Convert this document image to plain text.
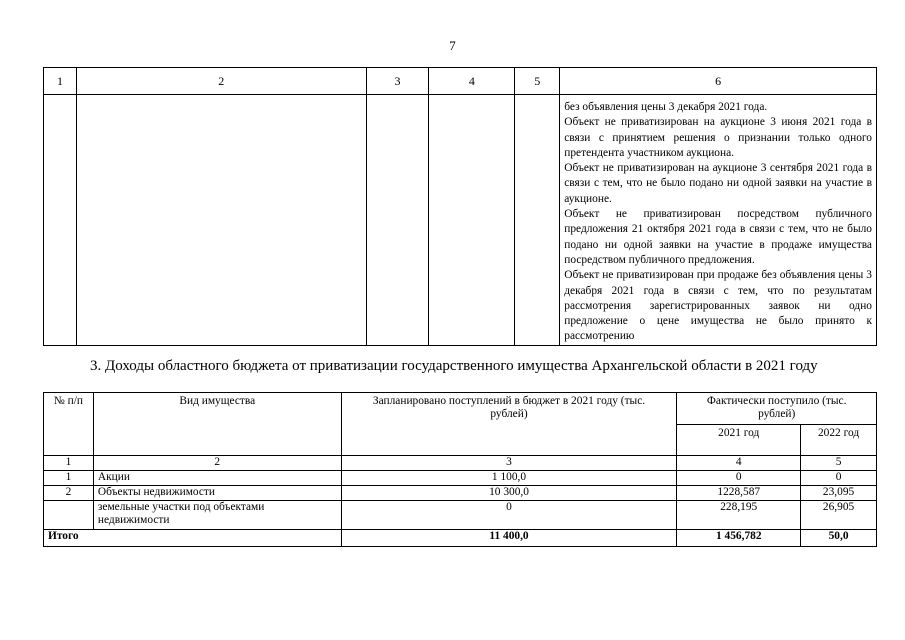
7
1	2	3	4	5	6

					без объявления цены 3 декабря 2021 года.

Объект не приватизирован на аукционе 3 июня 2021 года в связи с принятием решения о признании только одного претендента участником аукциона.

Объект не приватизирован на аукционе 3 сентября 2021 года в связи с тем, что не было подано ни одной заявки на участие в аукционе.

Объект не приватизирован посредством публичного предложения 21 октября 2021 года в связи с тем, что не было подано ни одной заявки на участие в продаже имущества посредством публичного предложения.

Объект не приватизирован при продаже без объявления цены 3 декабря 2021 года в связи с тем, что по результатам рассмотрения зарегистрированных заявок ни одно предложение о цене имущества не было принято к рассмотрению

3. Доходы областного бюджета от приватизации государственного имущества Архангельской области в 2021 году
№ п/п	Вид имущества	Запланировано поступлений в бюджет в 2021 году (тыс. рублей)	Фактически поступило (тыс. рублей)	

			2021 год	2022 год

1	2	3	4	5
1	Акции	1 100,0	0	0
2	Объекты недвижимости	10 300,0	1228,587	23,095

	земельные участки под объектами недвижимости	0	228,195	26,905
Итого		11 400,0	1 456,782	50,0
